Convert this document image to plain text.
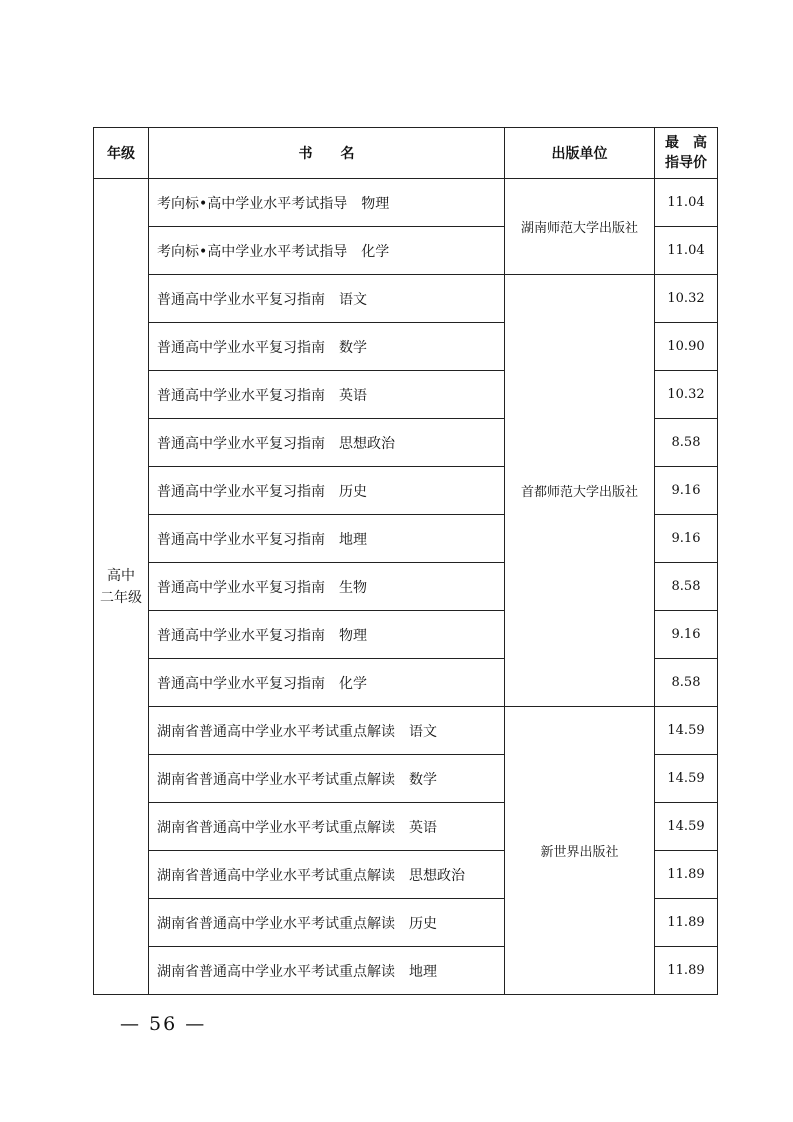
年级	书　　名	出版单位	最　高
指导价
高中
二年级	考向标•高中学业水平考试指导　物理	湖南师范大学出版社	11.04
	考向标•高中学业水平考试指导　化学		11.04
	普通高中学业水平复习指南　语文	首都师范大学出版社	10.32
	普通高中学业水平复习指南　数学		10.90
	普通高中学业水平复习指南　英语		10.32
	普通高中学业水平复习指南　思想政治		8.58
	普通高中学业水平复习指南　历史		9.16
	普通高中学业水平复习指南　地理		9.16
	普通高中学业水平复习指南　生物		8.58
	普通高中学业水平复习指南　物理		9.16
	普通高中学业水平复习指南　化学		8.58
	湖南省普通高中学业水平考试重点解读　语文	新世界出版社	14.59
	湖南省普通高中学业水平考试重点解读　数学		14.59
	湖南省普通高中学业水平考试重点解读　英语		14.59
	湖南省普通高中学业水平考试重点解读　思想政治		11.89
	湖南省普通高中学业水平考试重点解读　历史		11.89
	湖南省普通高中学业水平考试重点解读　地理		11.89
— 56 —
